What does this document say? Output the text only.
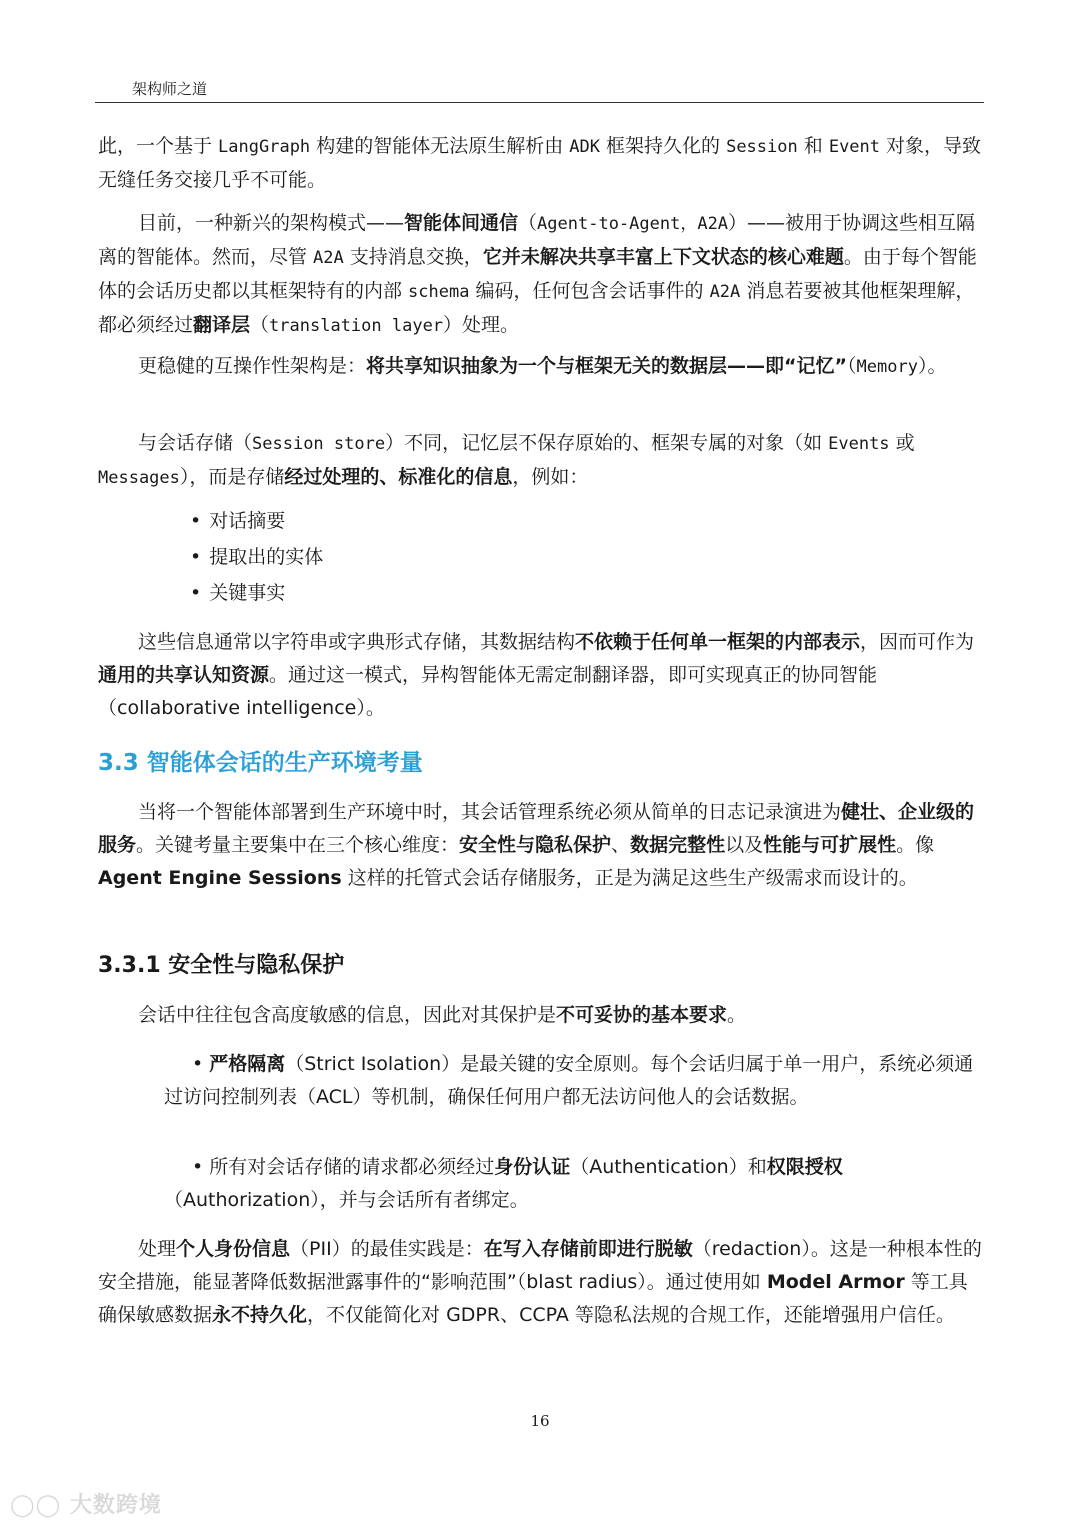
架构师之道

此，一个基于 LangGraph 构建的智能体无法原生解析由 ADK 框架持久化的 Session 和 Event 对象，导致无缝任务交接几乎不可能。

目前，一种新兴的架构模式——智能体间通信（Agent-to-Agent，A2A）——被用于协调这些相互隔离的智能体。然而，尽管 A2A 支持消息交换，它并未解决共享丰富上下文状态的核心难题。由于每个智能体的会话历史都以其框架特有的内部 schema 编码，任何包含会话事件的 A2A 消息若要被其他框架理解，都必须经过翻译层（translation layer）处理。

更稳健的互操作性架构是：将共享知识抽象为一个与框架无关的数据层——即“记忆”（Memory）。

与会话存储（Session store）不同，记忆层不保存原始的、框架专属的对象（如 Events 或 Messages），而是存储经过处理的、标准化的信息，例如：

• 对话摘要
• 提取出的实体
• 关键事实

这些信息通常以字符串或字典形式存储，其数据结构不依赖于任何单一框架的内部表示，因而可作为通用的共享认知资源。通过这一模式，异构智能体无需定制翻译器，即可实现真正的协同智能（collaborative intelligence）。

3.3 智能体会话的生产环境考量

当将一个智能体部署到生产环境中时，其会话管理系统必须从简单的日志记录演进为健壮、企业级的服务。关键考量主要集中在三个核心维度：安全性与隐私保护、数据完整性以及性能与可扩展性。像 Agent Engine Sessions 这样的托管式会话存储服务，正是为满足这些生产级需求而设计的。

3.3.1 安全性与隐私保护

会话中往往包含高度敏感的信息，因此对其保护是不可妥协的基本要求。

• 严格隔离（Strict Isolation）是最关键的安全原则。每个会话归属于单一用户，系统必须通过访问控制列表（ACL）等机制，确保任何用户都无法访问他人的会话数据。

• 所有对会话存储的请求都必须经过身份认证（Authentication）和权限授权（Authorization），并与会话所有者绑定。

处理个人身份信息（PII）的最佳实践是：在写入存储前即进行脱敏（redaction）。这是一种根本性的安全措施，能显著降低数据泄露事件的“影响范围”（blast radius）。通过使用如 Model Armor 等工具确保敏感数据永不持久化，不仅能简化对 GDPR、CCPA 等隐私法规的合规工作，还能增强用户信任。

16
◯◯ 大数跨境
